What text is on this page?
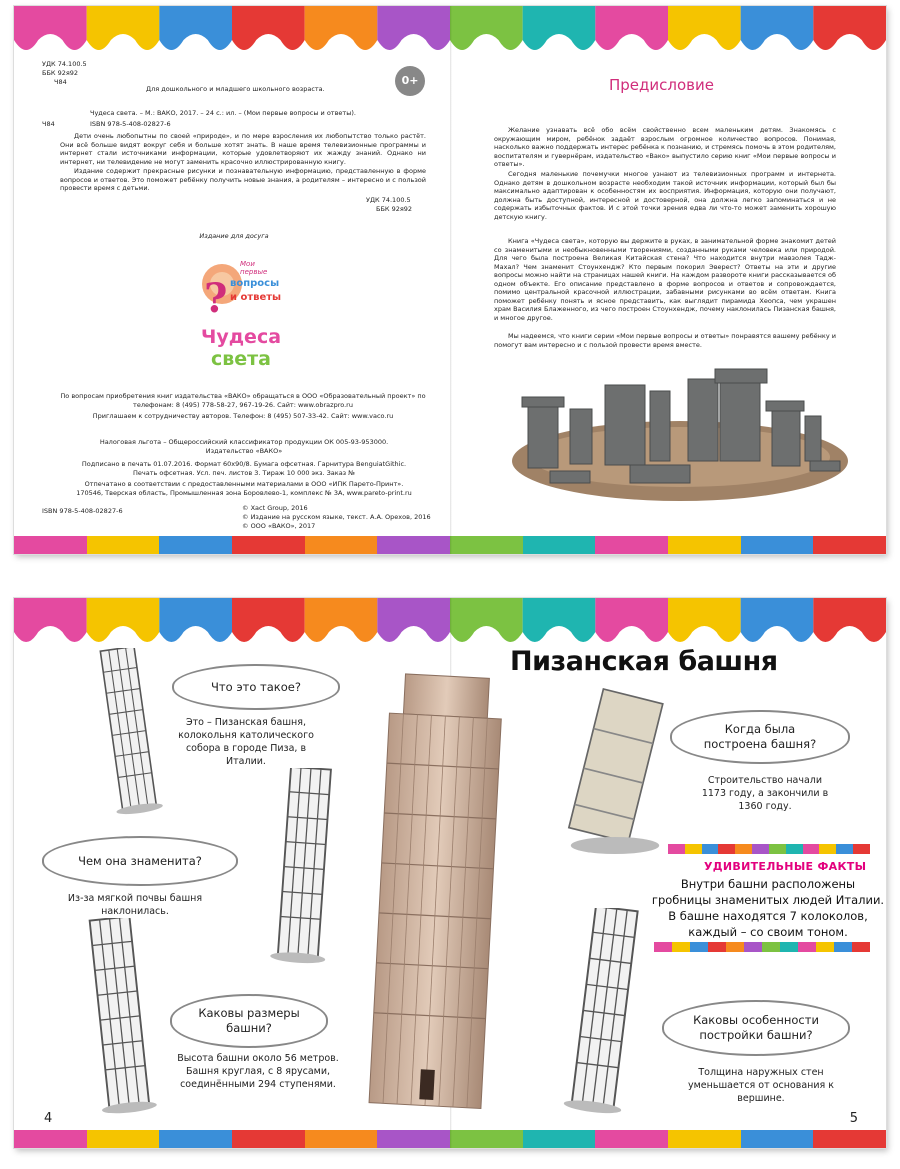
УДК 74.100.5
ББК 92я92
Ч84
Для дошкольного и младшего школьного возраста.
0+
Чудеса света. – М.: ВАКО, 2017. – 24 с.: ил. – (Мои первые вопросы и ответы).
Ч84	ISBN 978-5-408-02827-6
Дети очень любопытны по своей «природе», и по мере взросления их любопытство только растёт. Они всё больше видят вокруг себя и больше хотят знать. В наше время телевизионные программы и интернет стали источниками информации, которые удовлетворяют их жажду знаний. Однако ни интернет, ни телевидение не могут заменить красочно иллюстрированную книгу.
Издание содержит прекрасные рисунки и познавательную информацию, представленную в форме вопросов и ответов. Это поможет ребёнку получить новые знания, а родителям – интересно и с пользой провести время с детьми.
УДК 74.100.5
ББК 92я92
Издание для досуга
?
Мои первые
вопросы
и ответы
Чудеса
света
По вопросам приобретения книг издательства «ВАКО» обращаться в ООО «Образовательный проект» по телефонам: 8 (495) 778-58-27, 967-19-26. Сайт: www.obrazpro.ru
Приглашаем к сотрудничеству авторов. Телефон: 8 (495) 507-33-42. Сайт: www.vaco.ru
Налоговая льгота – Общероссийский классификатор продукции ОК 005-93-953000. Издательство «ВАКО»
Подписано в печать 01.07.2016. Формат 60х90/8. Бумага офсетная. Гарнитура BenguiatGithic. Печать офсетная. Усл. печ. листов 3. Тираж 10 000 экз. Заказ №
Отпечатано в соответствии с предоставленными материалами в ООО «ИПК Парето-Принт». 170546, Тверская область, Промышленная зона Боровлево-1, комплекс № 3А, www.pareto-print.ru
ISBN 978-5-408-02827-6	© Xact Group, 2016
© Издание на русском языке, текст. А.А. Орехов, 2016
© ООО «ВАКО», 2017
Предисловие
Желание узнавать всё обо всём свойственно всем маленьким детям. Знакомясь с окружающим миром, ребёнок задаёт взрослым огромное количество вопросов. Понимая, насколько важно поддержать интерес ребёнка к познанию, и стремясь помочь в этом родителям, воспитателям и гувернёрам, издательство «Вако» выпустило серию книг «Мои первые вопросы и ответы».
Сегодня маленькие почемучки многое узнают из телевизионных программ и интернета. Однако детям в дошкольном возрасте необходим такой источник информации, который был бы максимально адаптирован к особенностям их восприятия. Информация, которую они получают, должна быть доступной, интересной и достоверной, она должна легко запоминаться и не содержать избыточных фактов. И с этой точки зрения едва ли что-то может заменить хорошую детскую книгу.
Книга «Чудеса света», которую вы держите в руках, в занимательной форме знакомит детей со знаменитыми и необыкновенными творениями, созданными руками человека или природой. Для чего была построена Великая Китайская стена? Что находится внутри мавзолея Тадж-Махал? Чем знаменит Стоунхендж? Кто первым покорил Эверест? Ответы на эти и другие вопросы можно найти на страницах нашей книги. На каждом развороте книги рассказывается об одном объекте. Его описание представлено в форме вопросов и ответов и сопровождается, помимо центральной красочной иллюстрации, забавными рисунками во всём ответам. Книга поможет ребёнку понять и ясное представить, как выглядит пирамида Хеопса, чем украшен храм Василия Блаженного, из чего построен Стоунхендж, почему наклонилась Пизанская башня, и многое другое.
Мы надеемся, что книги серии «Мои первые вопросы и ответы» понравятся вашему ребёнку и помогут вам интересно и с пользой провести время вместе.
Пизанская башня
Что это такое?
Это – Пизанская башня, колокольня католического собора в городе Пиза, в Италии.
Чем она знаменита?
Из-за мягкой почвы башня наклонилась.
Каковы размеры башни?
Высота башни около 56 метров. Башня круглая, с 8 ярусами, соединёнными 294 ступенями.
Когда была построена башня?
Строительство начали 1173 году, а закончили в 1360 году.
УДИВИТЕЛЬНЫЕ ФАКТЫ
Внутри башни расположены гробницы знаменитых людей Италии. В башне находятся 7 колоколов, каждый – со своим тоном.
Каковы особенности постройки башни?
Толщина наружных стен уменьшается от основания к вершине.
4	5
